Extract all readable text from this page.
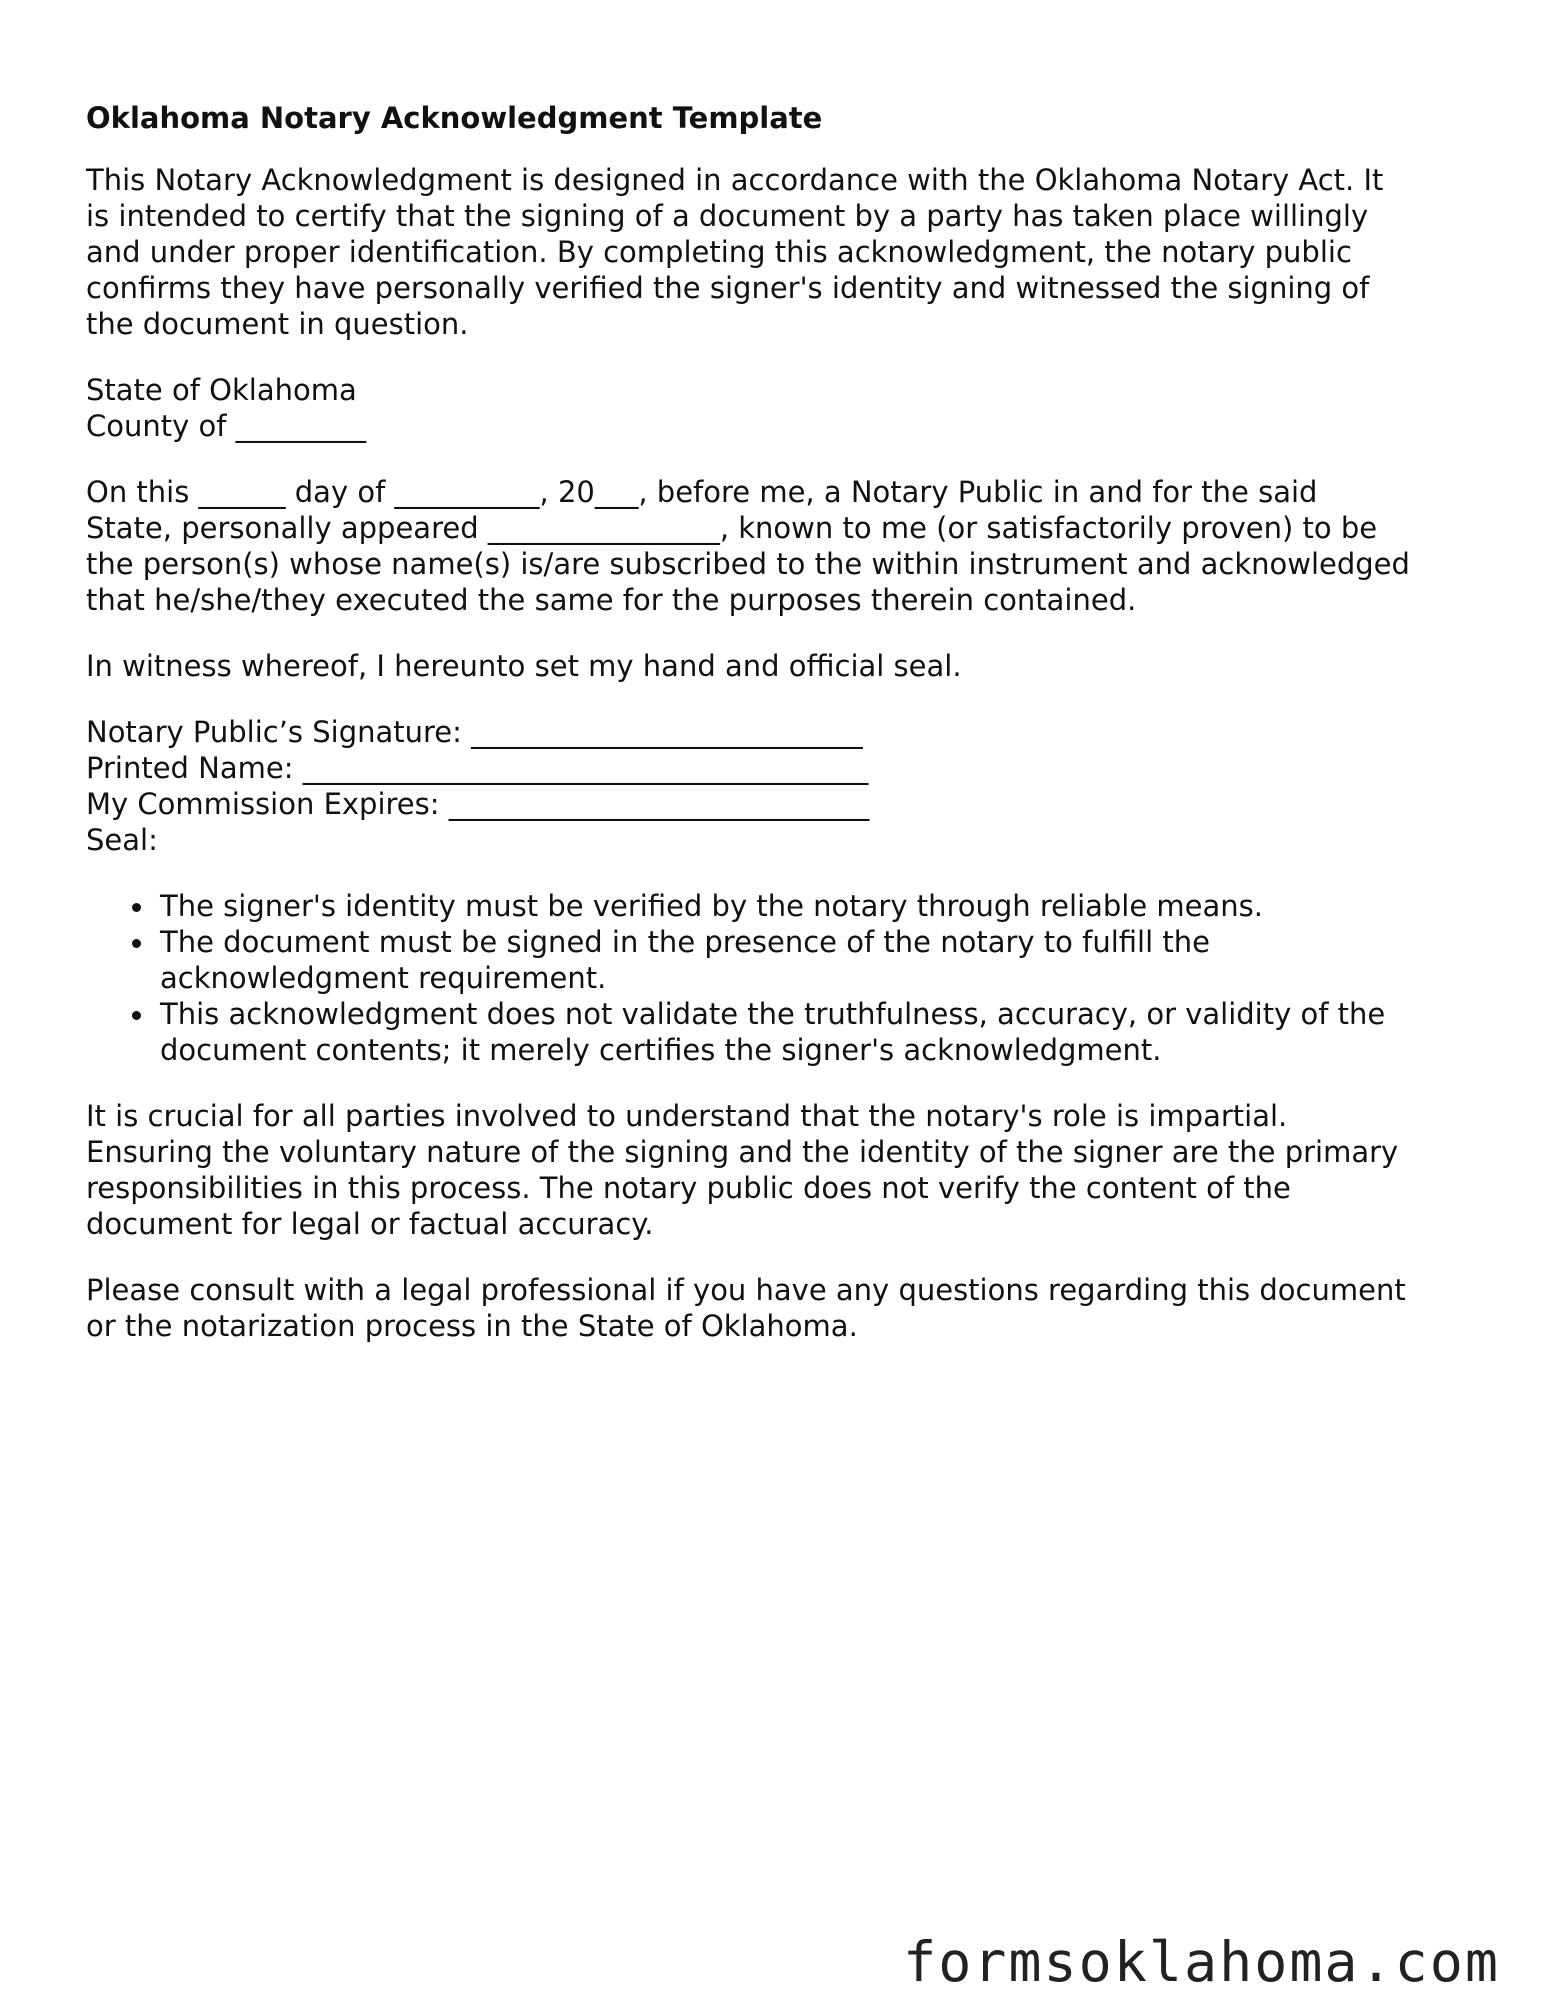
Oklahoma Notary Acknowledgment Template
This Notary Acknowledgment is designed in accordance with the Oklahoma Notary Act. It
is intended to certify that the signing of a document by a party has taken place willingly
and under proper identification. By completing this acknowledgment, the notary public
confirms they have personally verified the signer's identity and witnessed the signing of
the document in question.
State of Oklahoma
County of _________
On this ______ day of __________, 20___, before me, a Notary Public in and for the said
State, personally appeared ________________, known to me (or satisfactorily proven) to be
the person(s) whose name(s) is/are subscribed to the within instrument and acknowledged
that he/she/they executed the same for the purposes therein contained.
In witness whereof, I hereunto set my hand and official seal.
Notary Public’s Signature: ___________________________
Printed Name: _______________________________________
My Commission Expires: _____________________________
Seal:
The signer's identity must be verified by the notary through reliable means.
The document must be signed in the presence of the notary to fulfill the
acknowledgment requirement.
This acknowledgment does not validate the truthfulness, accuracy, or validity of the
document contents; it merely certifies the signer's acknowledgment.
It is crucial for all parties involved to understand that the notary's role is impartial.
Ensuring the voluntary nature of the signing and the identity of the signer are the primary
responsibilities in this process. The notary public does not verify the content of the
document for legal or factual accuracy.
Please consult with a legal professional if you have any questions regarding this document
or the notarization process in the State of Oklahoma.
formsoklahoma.com
